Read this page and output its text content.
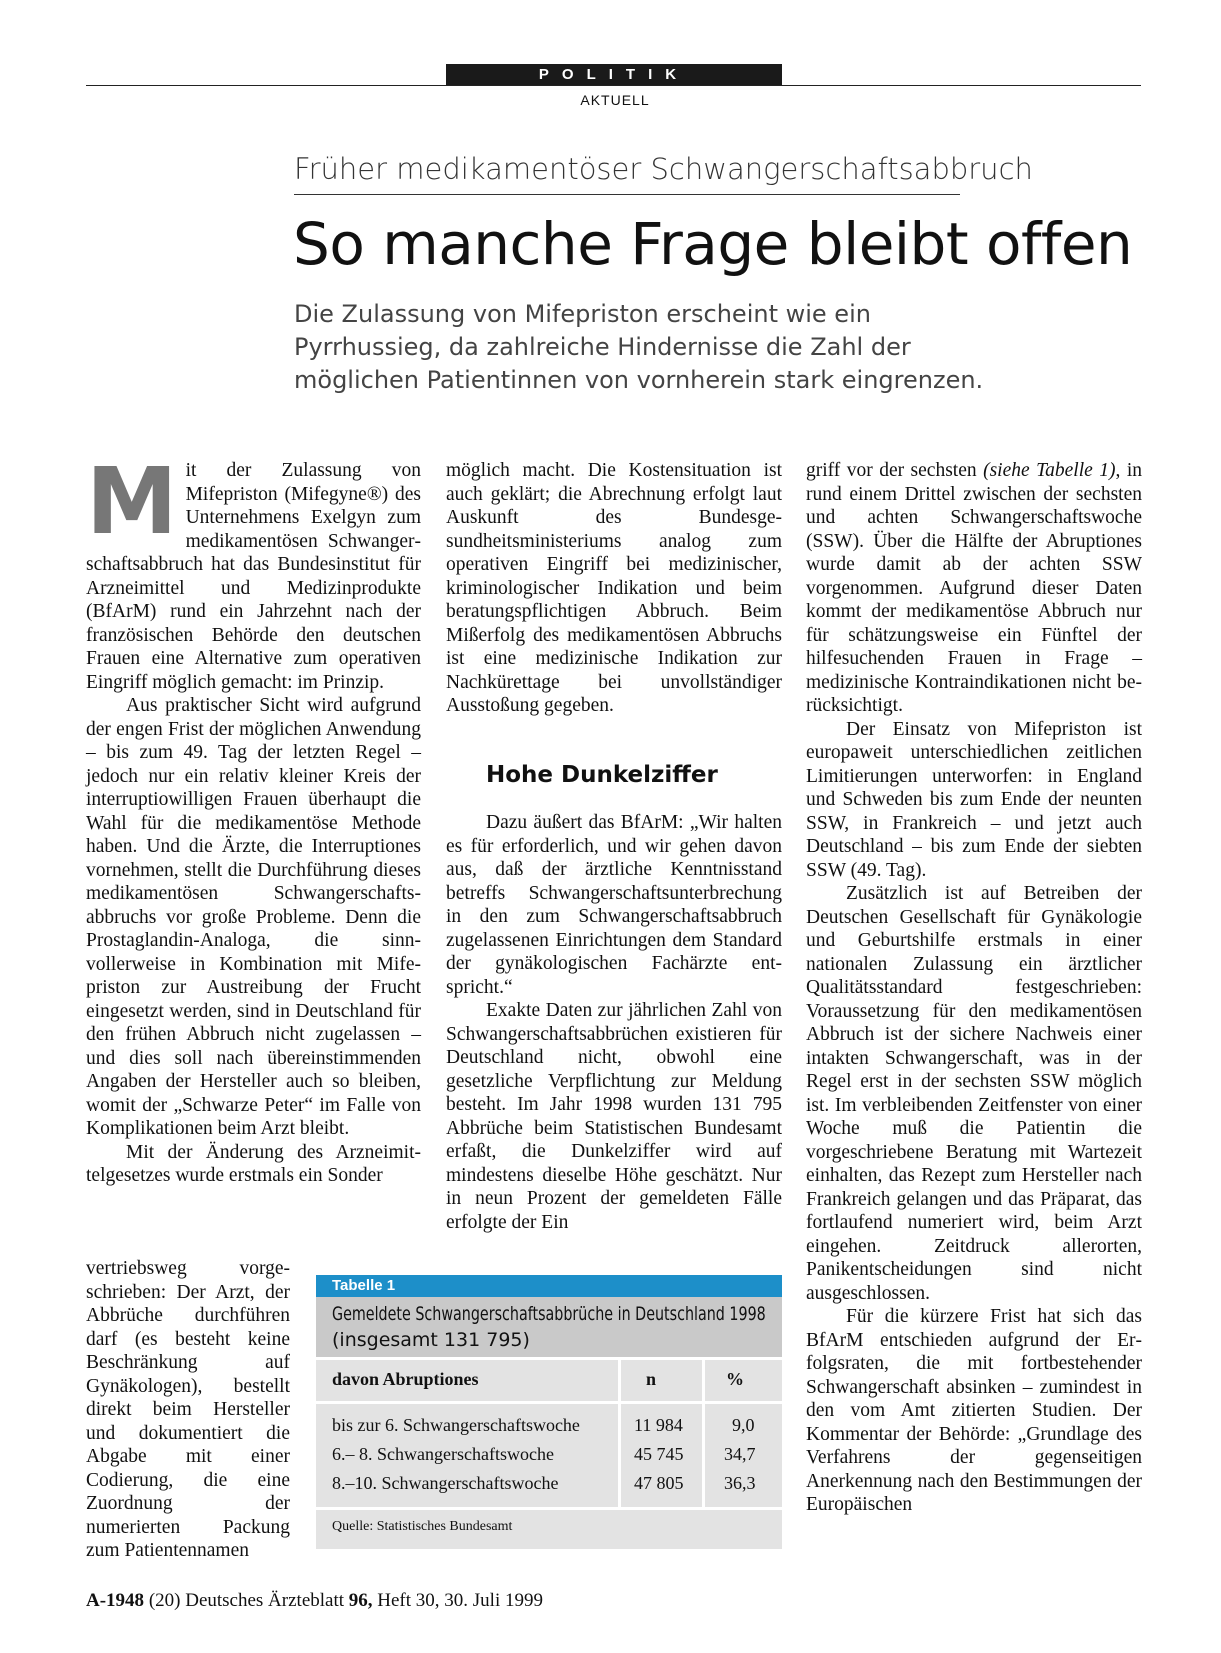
POLITIK
AKTUELL
Früher medikamentöser Schwangerschaftsabbruch
So manche Frage bleibt offen
Die Zulassung von Mifepriston erscheint wie ein
Pyrrhussieg, da zahlreiche Hindernisse die Zahl der
möglichen Patientinnen von vornherein stark eingrenzen.

Mit der Zulassung von Mifepriston (Mifegyne®) des Unternehmens Exelgyn zum medikamentösen Schwangerschaftsabbruch hat das Bundesinstitut für Arzneimittel und Medizinprodukte (BfArM) rund ein Jahrzehnt nach der französischen Behörde den deutschen Frauen eine Alternative zum operativen Eingriff möglich gemacht: im Prinzip.

Aus praktischer Sicht wird aufgrund der engen Frist der möglichen Anwendung – bis zum 49. Tag der letzten Regel – jedoch nur ein relativ kleiner Kreis der interruptiowilligen Frauen überhaupt die Wahl für die medikamentöse Methode haben. Und die Ärzte, die Interruptiones vornehmen, stellt die Durchführung dieses medikamentösen Schwangerschaftsabbruchs vor große Probleme. Denn die Prostaglandin-Analoga, die sinnvollerweise in Kombination mit Mifepriston zur Austreibung der Frucht eingesetzt werden, sind in Deutschland für den frühen Abbruch nicht zugelassen – und dies soll nach übereinstimmenden Angaben der Hersteller auch so bleiben, womit der „Schwarze Peter“ im Falle von Komplikationen beim Arzt bleibt.

Mit der Änderung des Arzneimittelgesetzes wurde erstmals ein Sonder

vertriebsweg vorgeschrieben: Der Arzt, der Abbrüche durchführen darf (es besteht keine Beschränkung auf Gynäkologen), bestellt direkt beim Hersteller und dokumentiert die Abgabe mit einer Codierung, die eine Zuordnung der numerierten Packung zum Patientennamen

möglich macht. Die Kostensituation ist auch geklärt; die Abrechnung erfolgt laut Auskunft des Bundesgesundheitsministeriums analog zum operativen Eingriff bei medizinischer, kriminologischer Indikation und beim beratungspflichtigen Abbruch. Beim Mißerfolg des medikamentösen Abbruchs ist eine medizinische Indikation zur Nachkürettage bei unvollständiger Ausstoßung gegeben.

Hohe Dunkelziffer

Dazu äußert das BfArM: „Wir halten es für erforderlich, und wir gehen davon aus, daß der ärztliche Kenntnisstand betreffs Schwangerschaftsunterbrechung in den zum Schwangerschaftsabbruch zugelassenen Einrichtungen dem Standard der gynäkologischen Fachärzte entspricht.“

Exakte Daten zur jährlichen Zahl von Schwangerschaftsabbrüchen existieren für Deutschland nicht, obwohl eine gesetzliche Verpflichtung zur Meldung besteht. Im Jahr 1998 wurden 131 795 Abbrüche beim Statistischen Bundesamt erfaßt, die Dunkelziffer wird auf mindestens dieselbe Höhe geschätzt. Nur in neun Prozent der gemeldeten Fälle erfolgte der Ein

griff vor der sechsten (siehe Tabelle 1), in rund einem Drittel zwischen der sechsten und achten Schwangerschaftswoche (SSW). Über die Hälfte der Abruptiones wurde damit ab der achten SSW vorgenommen. Aufgrund dieser Daten kommt der medikamentöse Abbruch nur für schätzungsweise ein Fünftel der hilfesuchenden Frauen in Frage – medizinische Kontraindikationen nicht berücksichtigt.

Der Einsatz von Mifepriston ist europaweit unterschiedlichen zeitlichen Limitierungen unterworfen: in England und Schweden bis zum Ende der neunten SSW, in Frankreich – und jetzt auch Deutschland – bis zum Ende der siebten SSW (49. Tag).

Zusätzlich ist auf Betreiben der Deutschen Gesellschaft für Gynäkologie und Geburtshilfe erstmals in einer nationalen Zulassung ein ärztlicher Qualitätsstandard festgeschrieben: Voraussetzung für den medikamentösen Abbruch ist der sichere Nachweis einer intakten Schwangerschaft, was in der Regel erst in der sechsten SSW möglich ist. Im verbleibenden Zeitfenster von einer Woche muß die Patientin die vorgeschriebene Beratung mit Wartezeit einhalten, das Rezept zum Hersteller nach Frankreich gelangen und das Präparat, das fortlaufend numeriert wird, beim Arzt eingehen. Zeitdruck allerorten, Panikentscheidungen sind nicht ausgeschlossen.

Für die kürzere Frist hat sich das BfArM entschieden aufgrund der Erfolgsraten, die mit fortbestehender Schwangerschaft absinken – zumindest in den vom Amt zitierten Studien. Der Kommentar der Behörde: „Grundlage des Verfahrens der gegenseitigen Anerkennung nach den Bestimmungen der Europäischen

Tabelle 1
Gemeldete Schwangerschaftsabbrüche in Deutschland 1998
(insgesamt 131 795)
davon Abruptiones	n	%
bis zur 6. Schwangerschaftswoche	11 984	9,0
6.– 8. Schwangerschaftswoche	45 745 34,7
8.–10. Schwangerschaftswoche	47 805 36,3
Quelle: Statistisches Bundesamt
A-1948 (20) Deutsches Ärzteblatt 96, Heft 30, 30. Juli 1999
